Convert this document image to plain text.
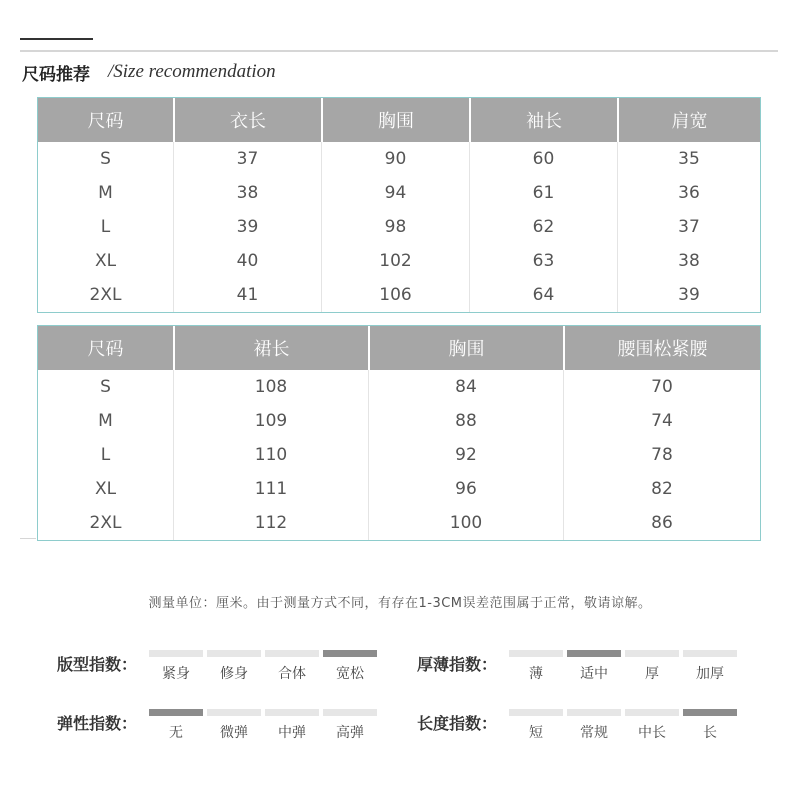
尺码推荐 /Size recommendation
尺码	衣长	胸围	袖长	肩宽
S	37	90	60	35
M	38	94	61	36
L	39	98	62	37
XL	40	102	63	38
2XL	41	106	64	39
尺码	裙长	胸围	腰围松紧腰
S	108	84	70
M	109	88	74
L	110	92	78
XL	111	96	82
2XL	112	100	86
测量单位：厘米。由于测量方式不同，有存在1-3CM误差范围属于正常，敬请谅解。
版型指数：	紧身 修身 合体 宽松	厚薄指数：	薄	适中	厚	加厚
弹性指数：	无	微弹 中弹 高弹	长度指数：	短	常规 中长	长
